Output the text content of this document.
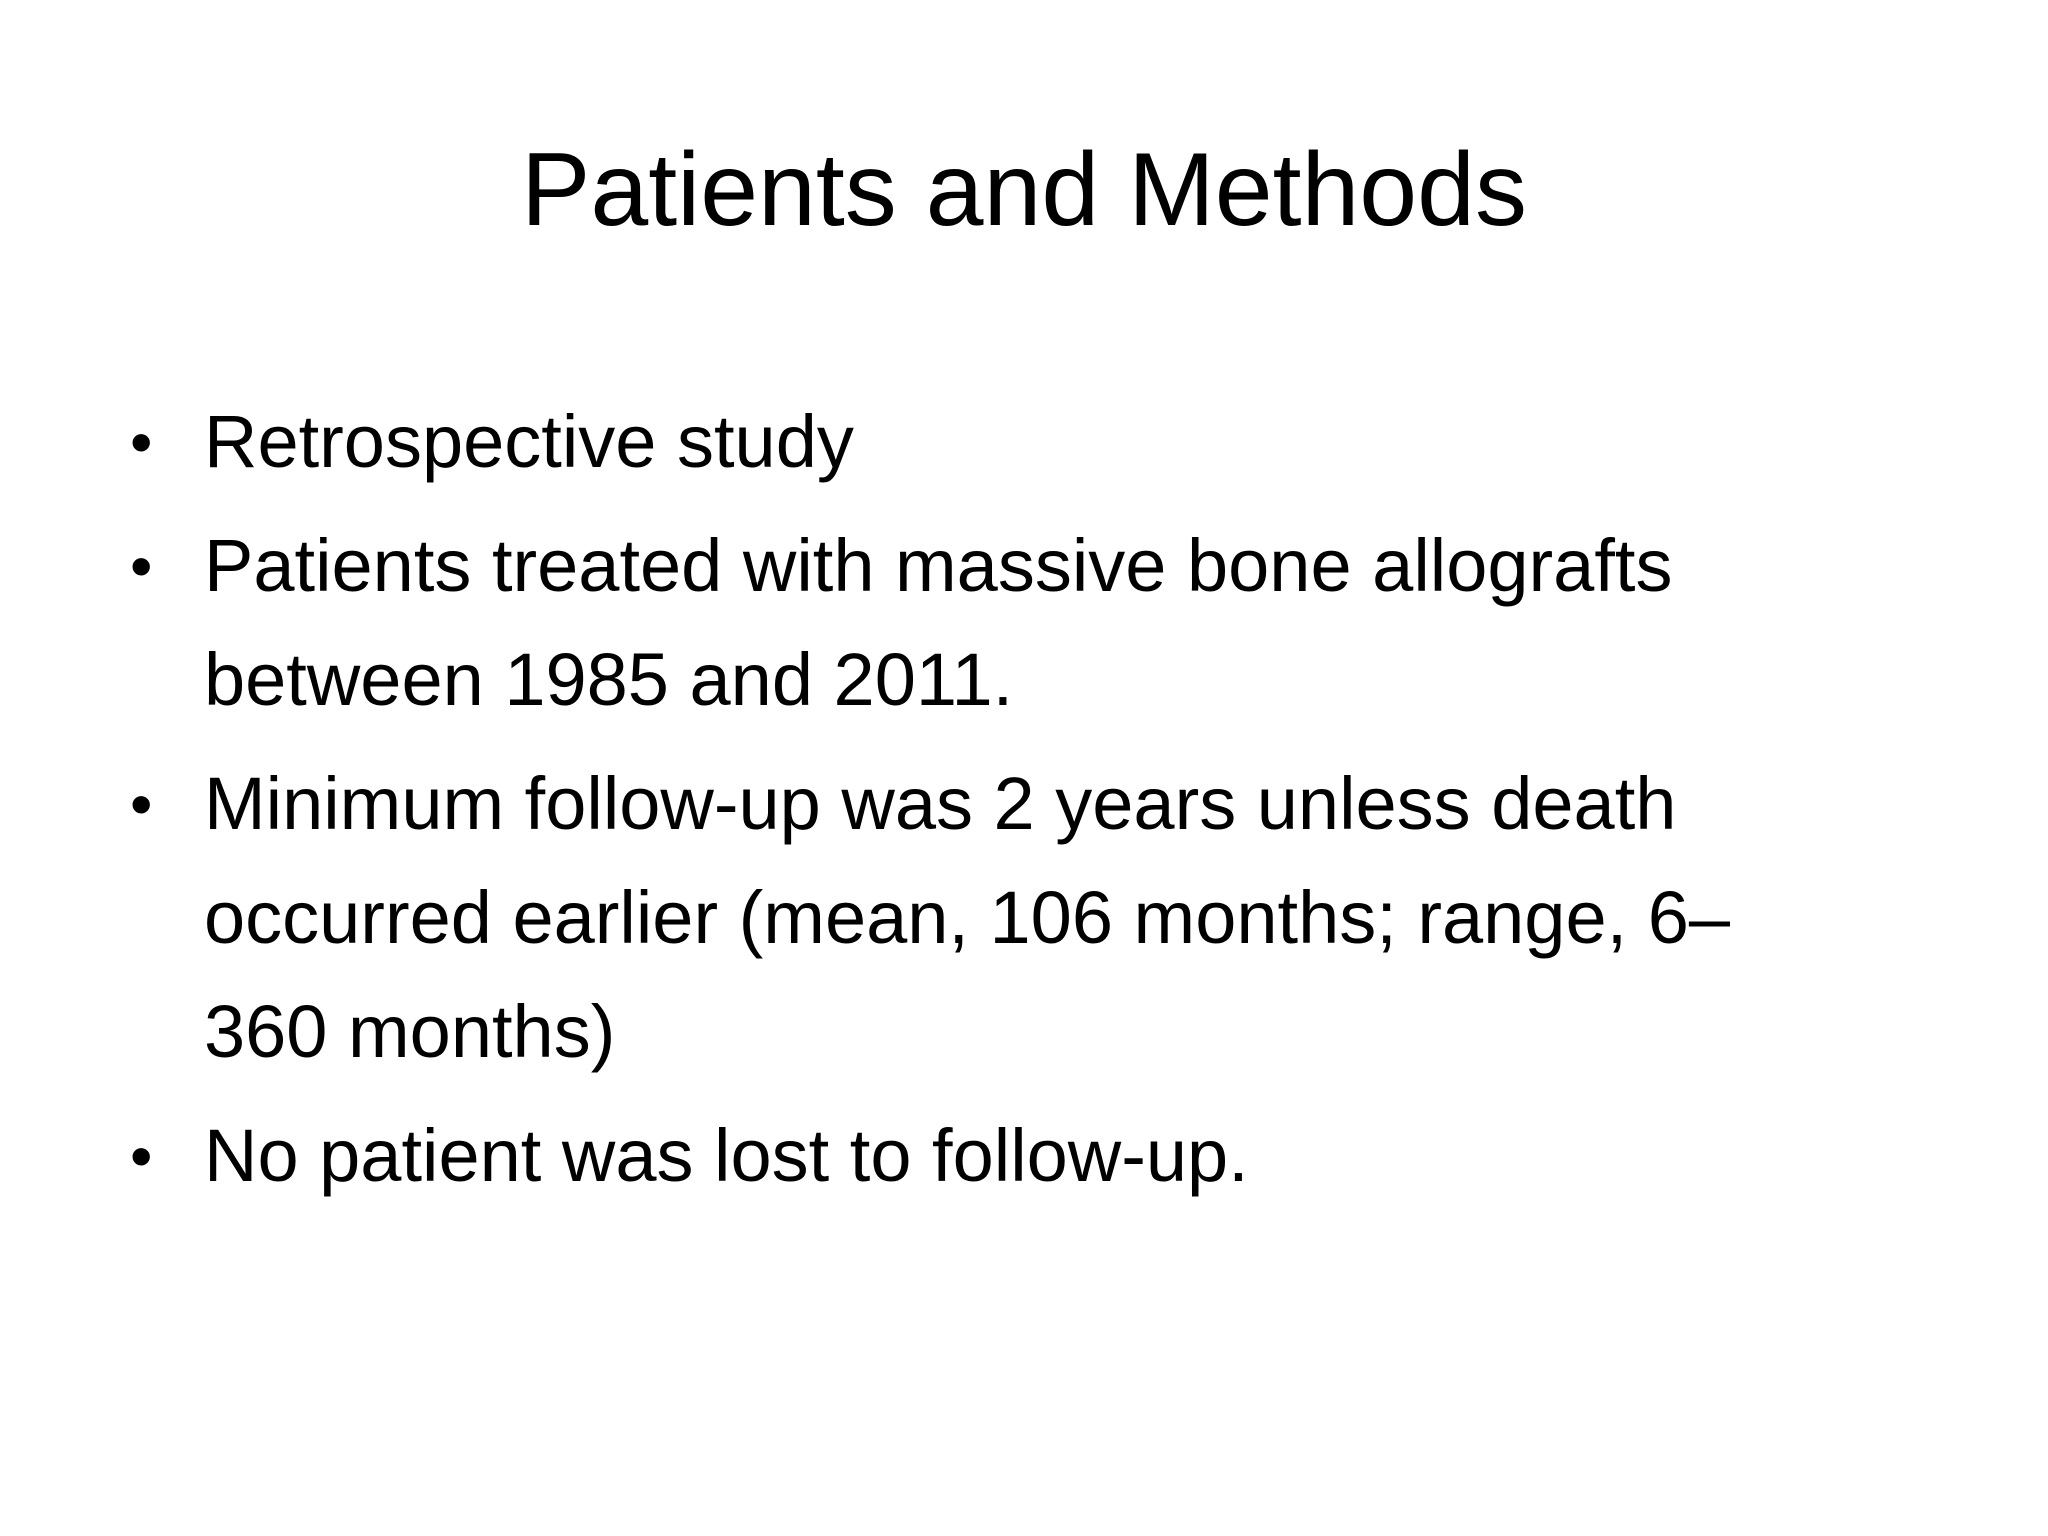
Patients and Methods
• Retrospective study
• Patients treated with massive bone allografts
between 1985 and 2011.
• Minimum follow-up was 2 years unless death
occurred earlier (mean, 106 months; range, 6–
360 months)
• No patient was lost to follow-up.
